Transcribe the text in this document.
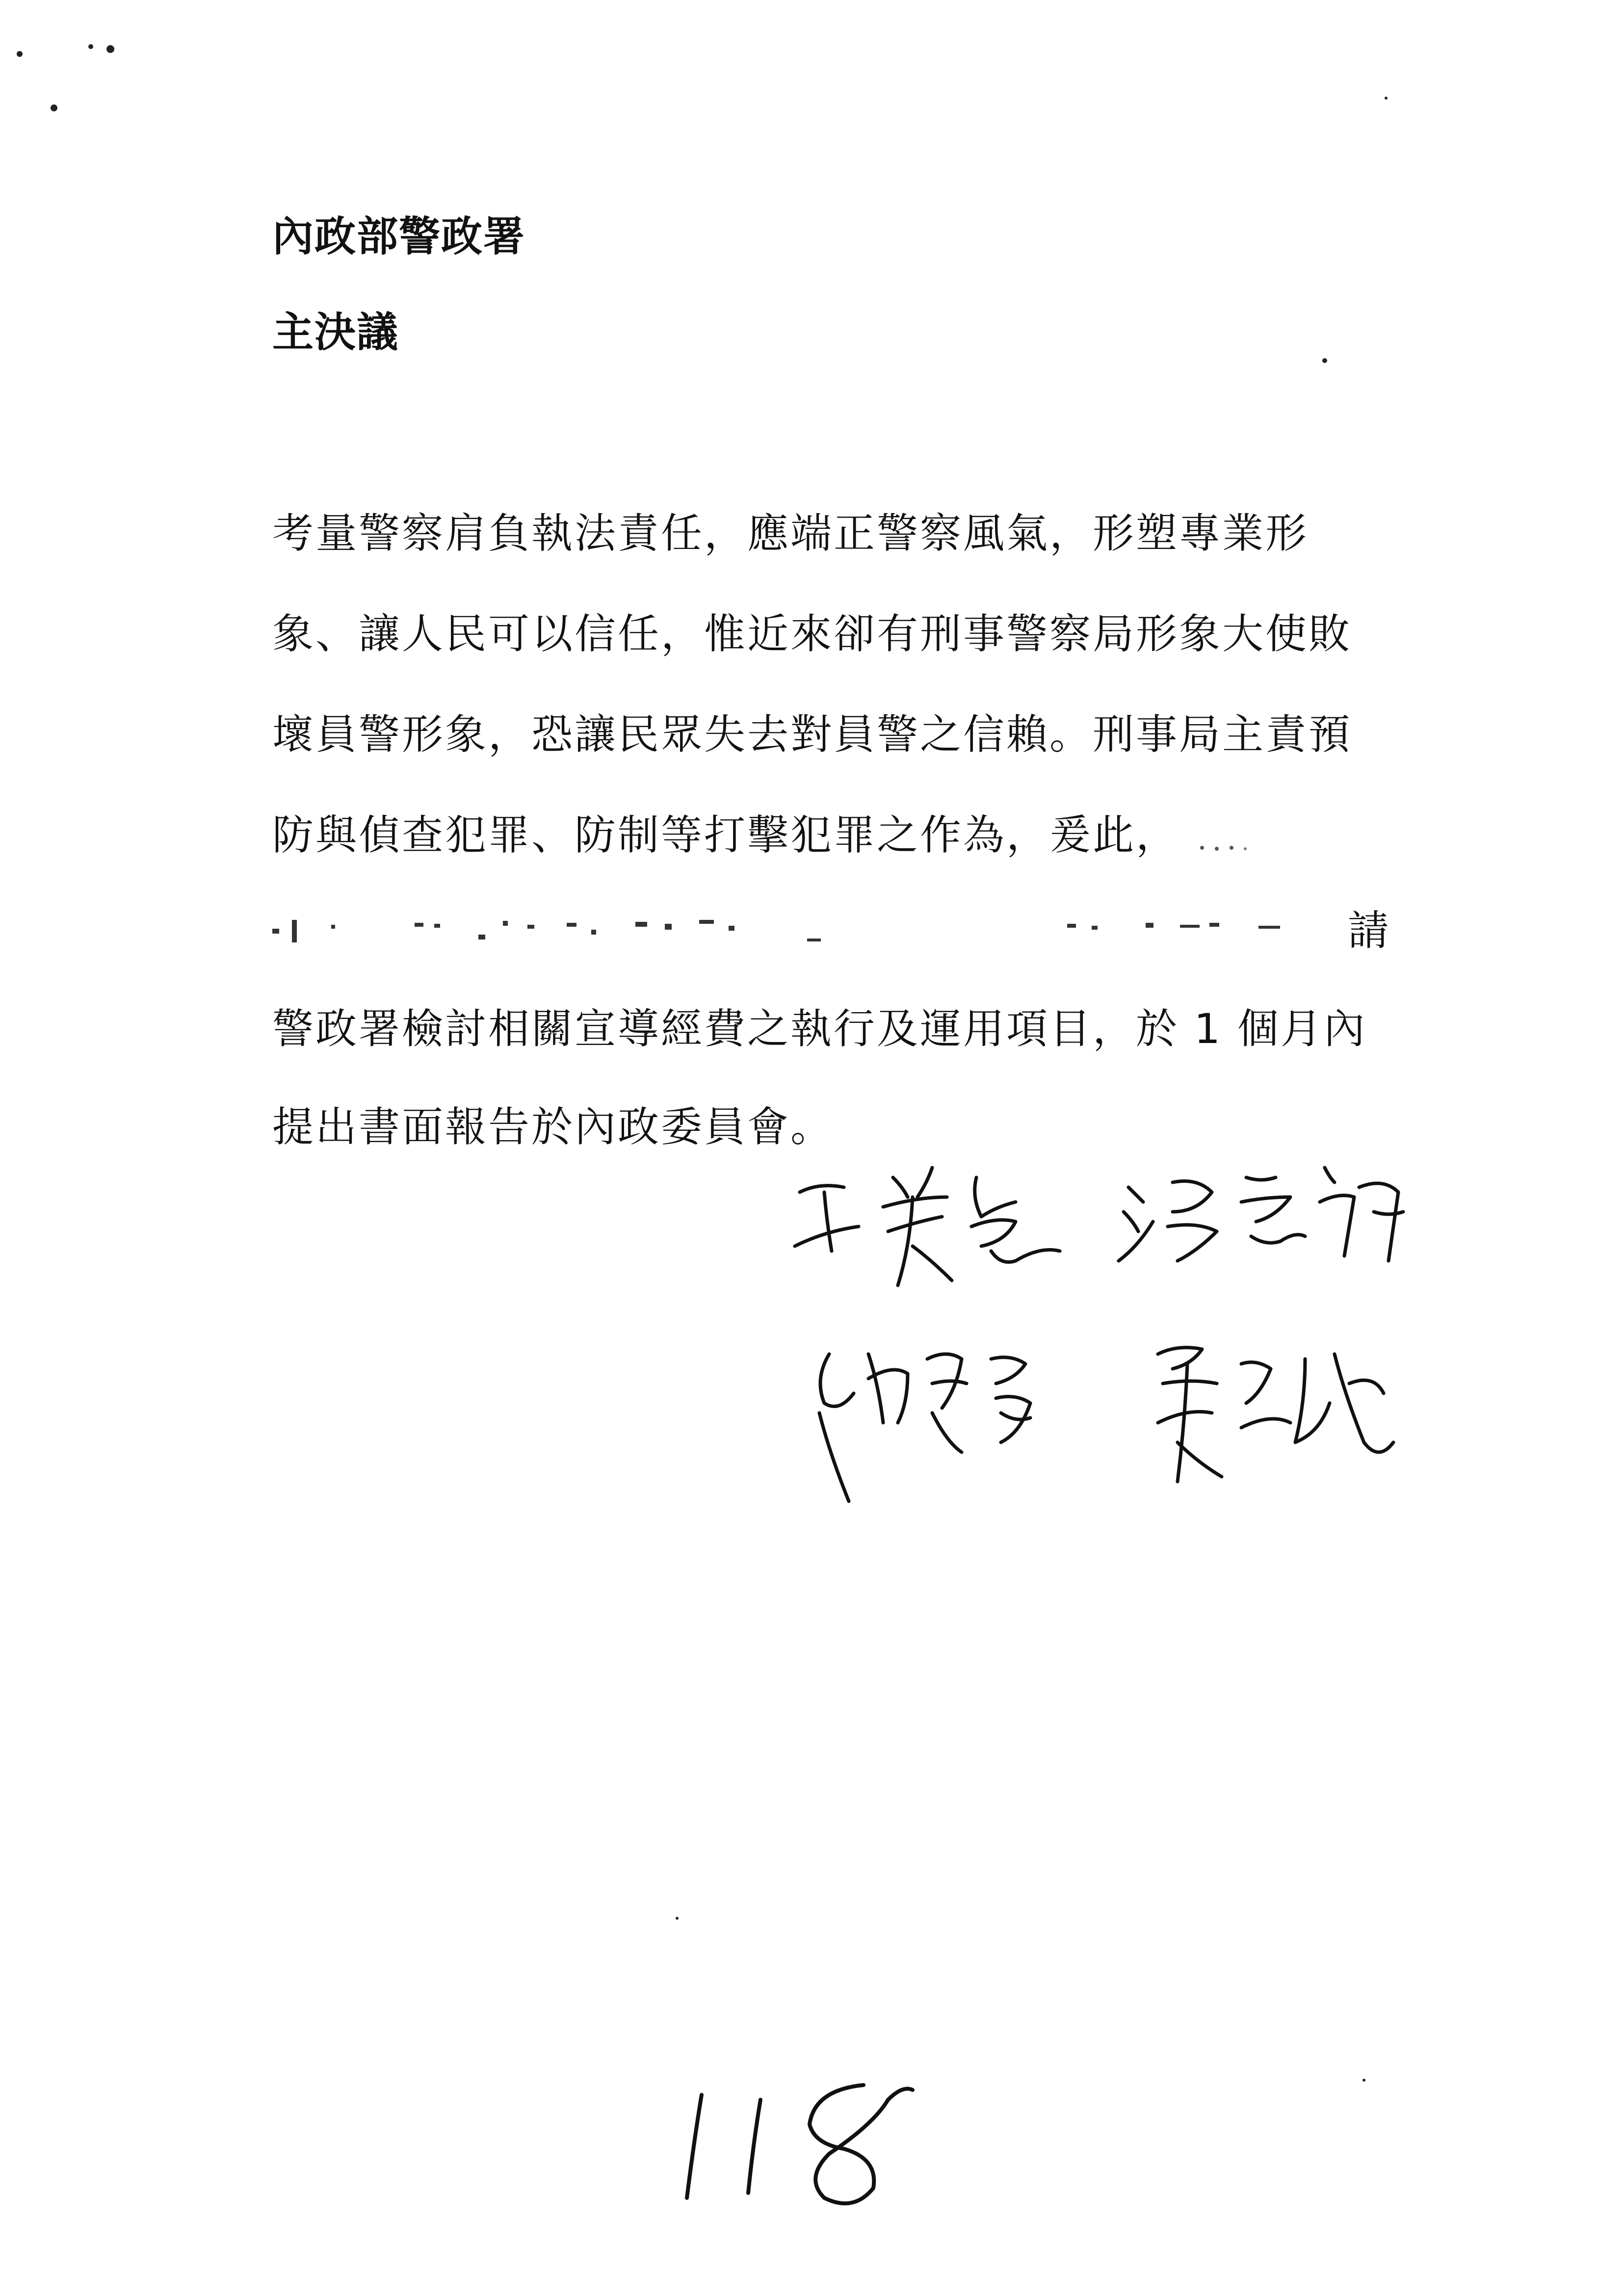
內政部警政署
主決議
考量警察肩負執法責任，應端正警察風氣，形塑專業形
象、讓人民可以信任，惟近來卻有刑事警察局形象大使敗
壞員警形象，恐讓民眾失去對員警之信賴。刑事局主責預
防與偵查犯罪、防制等打擊犯罪之作為，爰此，
請
警政署檢討相關宣導經費之執行及運用項目，於 1 個月內
提出書面報告於內政委員會。
